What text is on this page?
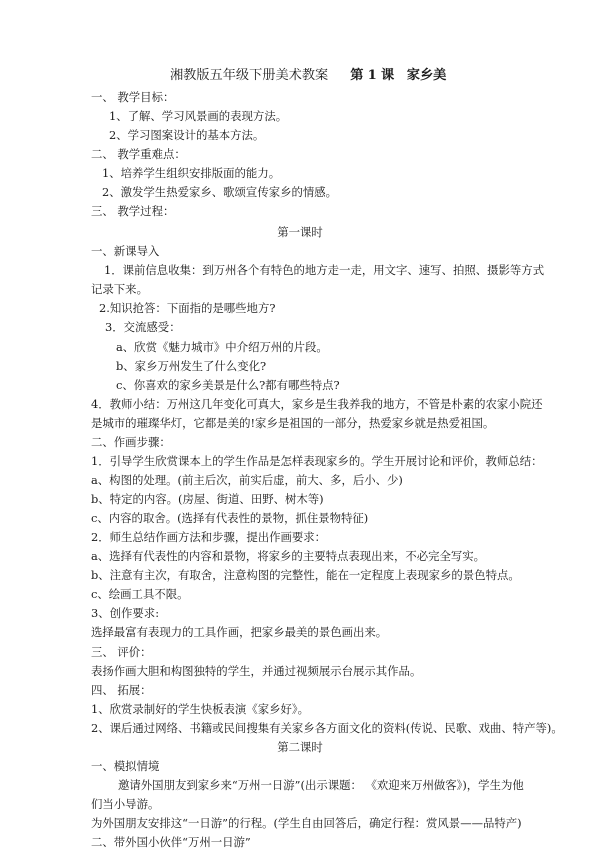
湘教版五年级下册美术教案 第 1 课 家乡美
一、 教学目标：
1、了解、学习风景画的表现方法。
2、学习图案设计的基本方法。
二、 教学重难点：
1、培养学生组织安排版面的能力。
2、激发学生热爱家乡、歌颂宣传家乡的情感。
三、 教学过程：
第一课时
一、新课导入
1．课前信息收集：到万州各个有特色的地方走一走，用文字、速写、拍照、摄影等方式
记录下来。
2.知识抢答：下面指的是哪些地方?
3．交流感受：
a、欣赏《魅力城市》中介绍万州的片段。
b、家乡万州发生了什么变化?
c、你喜欢的家乡美景是什么?都有哪些特点?
4．教师小结：万州这几年变化可真大，家乡是生我养我的地方，不管是朴素的农家小院还
是城市的璀璨华灯，它都是美的!家乡是祖国的一部分，热爱家乡就是热爱祖国。
二、作画步骤：
1．引导学生欣赏课本上的学生作品是怎样表现家乡的。学生开展讨论和评价，教师总结：
a、构图的处理。(前主后次，前实后虚，前大、多，后小、少)
b、特定的内容。(房屋、街道、田野、树木等)
c、内容的取舍。(选择有代表性的景物，抓住景物特征)
2．师生总结作画方法和步骤，提出作画要求：
a、选择有代表性的内容和景物，将家乡的主要特点表现出来，不必完全写实。
b、注意有主次，有取舍，注意构图的完整性，能在一定程度上表现家乡的景色特点。
c、绘画工具不限。
3、创作要求:
选择最富有表现力的工具作画，把家乡最美的景色画出来。
三、 评价：
表扬作画大胆和构图独特的学生，并通过视频展示台展示其作品。
四、 拓展：
1、欣赏录制好的学生快板表演《家乡好》。
2、课后通过网络、书籍或民间搜集有关家乡各方面文化的资料(传说、民歌、戏曲、特产等)。
第二课时
一、模拟情境
邀请外国朋友到家乡来“万州一日游”(出示课题： 《欢迎来万州做客》)，学生为他
们当小导游。
为外国朋友安排这“一日游”的行程。(学生自由回答后，确定行程：赏风景——品特产)
二、带外国小伙伴“万州一日游”
